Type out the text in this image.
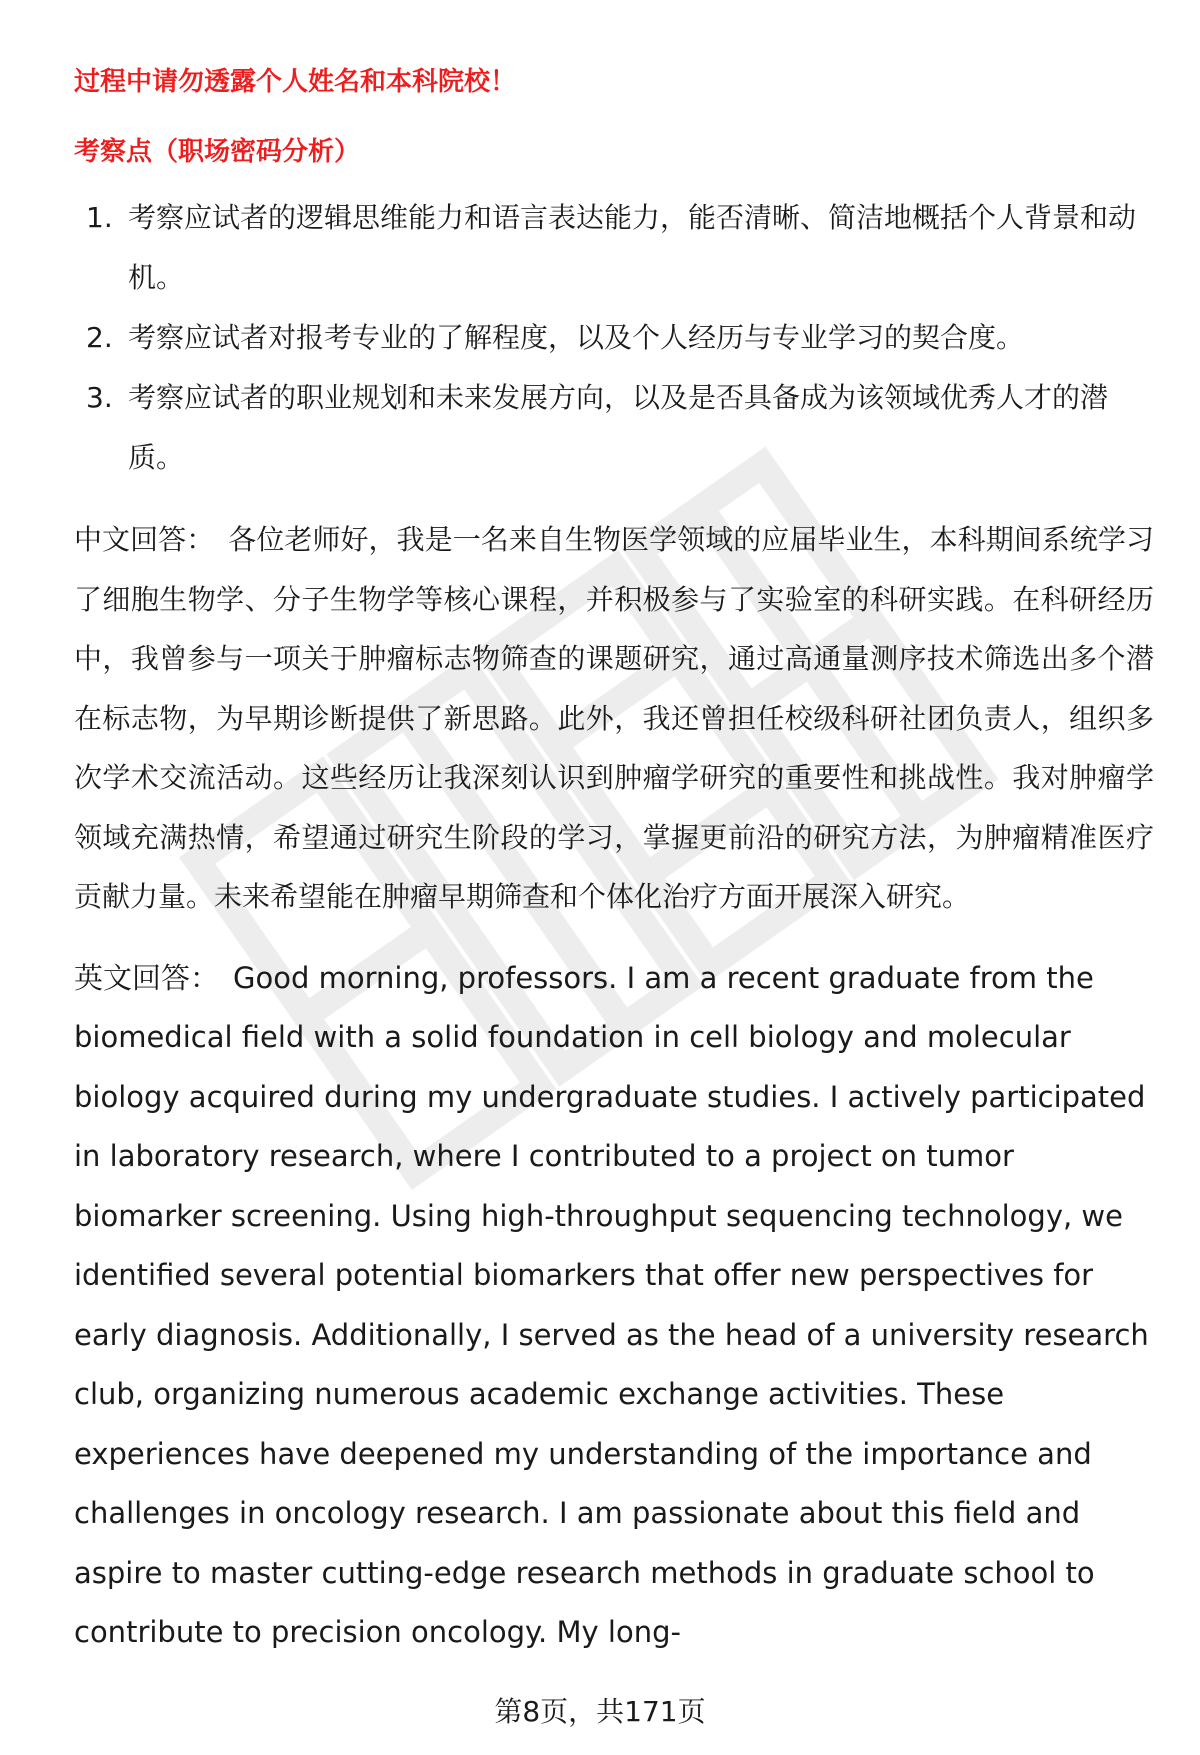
过程中请勿透露个人姓名和本科院校！
考察点（职场密码分析）
1. 考察应试者的逻辑思维能力和语言表达能力，能否清晰、简洁地概括个人背景和动机。
2. 考察应试者对报考专业的了解程度，以及个人经历与专业学习的契合度。
3. 考察应试者的职业规划和未来发展方向，以及是否具备成为该领域优秀人才的潜质。

中文回答： 各位老师好，我是一名来自生物医学领域的应届毕业生，本科期间系统学习了细胞生物学、分子生物学等核心课程，并积极参与了实验室的科研实践。在科研经历中，我曾参与一项关于肿瘤标志物筛查的课题研究，通过高通量测序技术筛选出多个潜在标志物，为早期诊断提供了新思路。此外，我还曾担任校级科研社团负责人，组织多次学术交流活动。这些经历让我深刻认识到肿瘤学研究的重要性和挑战性。我对肿瘤学领域充满热情，希望通过研究生阶段的学习，掌握更前沿的研究方法，为肿瘤精准医疗贡献力量。未来希望能在肿瘤早期筛查和个体化治疗方面开展深入研究。

英文回答： Good morning, professors. I am a recent graduate from the biomedical field with a solid foundation in cell biology and molecular biology acquired during my undergraduate studies. I actively participated in laboratory research, where I contributed to a project on tumor biomarker screening. Using high-throughput sequencing technology, we identified several potential biomarkers that offer new perspectives for early diagnosis. Additionally, I served as the head of a university research club, organizing numerous academic exchange activities. These experiences have deepened my understanding of the importance and challenges in oncology research. I am passionate about this field and aspire to master cutting-edge research methods in graduate school to contribute to precision oncology. My long-

第8页，共171页
